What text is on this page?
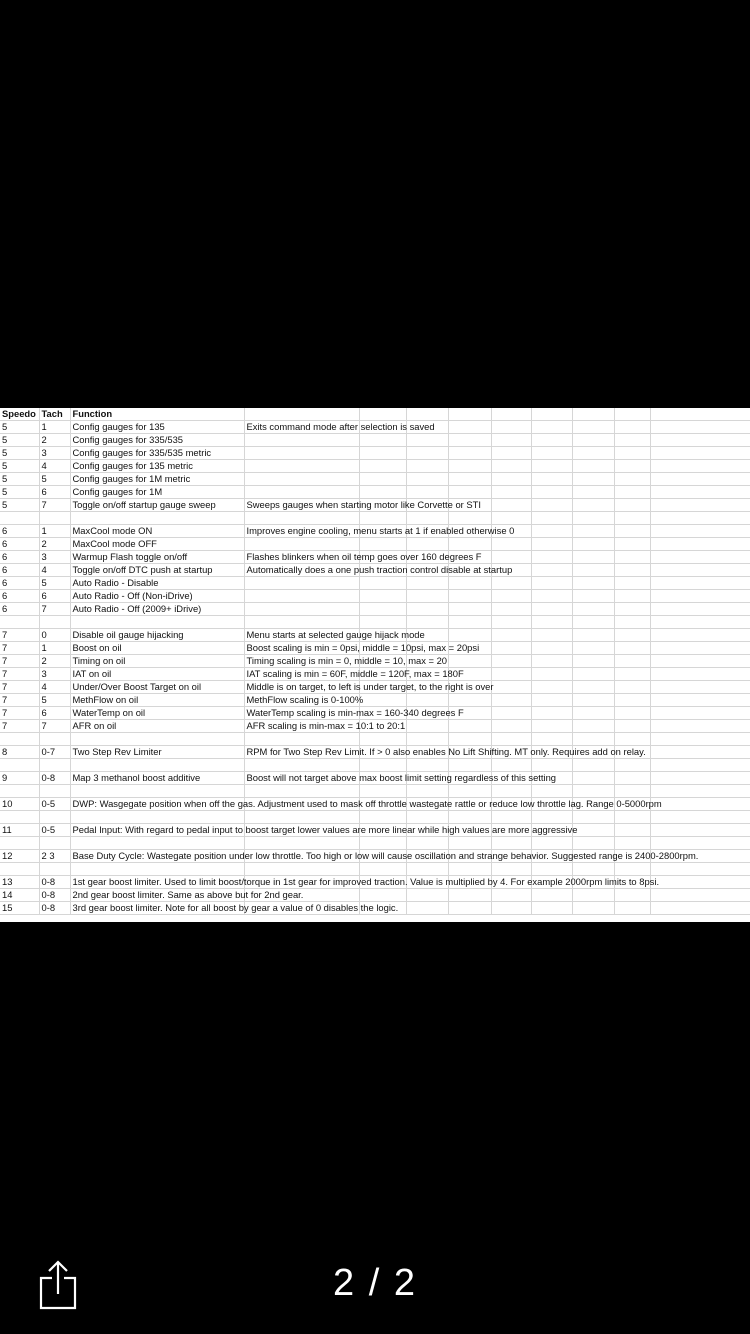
Speedo	Tach	Function									
5	1	Config gauges for 135	Exits command mode after selection is saved								
5	2	Config gauges for 335/535									
5	3	Config gauges for 335/535 metric									
5	4	Config gauges for 135 metric									
5	5	Config gauges for 1M metric									
5	6	Config gauges for 1M									
5	7	Toggle on/off startup gauge sweep	Sweeps gauges when starting motor like Corvette or STI								

6	1	MaxCool mode ON	Improves engine cooling, menu starts at 1 if enabled otherwise 0								
6	2	MaxCool mode OFF									
6	3	Warmup Flash toggle on/off	Flashes blinkers when oil temp goes over 160 degrees F								
6	4	Toggle on/off DTC push at startup	Automatically does a one push traction control disable at startup								
6	5	Auto Radio - Disable									
6	6	Auto Radio - Off (Non-iDrive)									
6	7	Auto Radio - Off (2009+ iDrive)									

7	0	Disable oil gauge hijacking	Menu starts at selected gauge hijack mode								
7	1	Boost on oil	Boost scaling is min = 0psi, middle = 10psi, max = 20psi								
7	2	Timing on oil	Timing scaling is min = 0, middle = 10, max = 20								
7	3	IAT on oil	IAT scaling is min = 60F, middle = 120F, max = 180F								
7	4	Under/Over Boost Target on oil	Middle is on target, to left is under target, to the right is over								
7	5	MethFlow on oil	MethFlow scaling is 0-100%								
7	6	WaterTemp on oil	WaterTemp scaling is min-max = 160-340 degrees F								
7	7	AFR on oil	AFR scaling is min-max = 10:1 to 20:1								

8	0-7	Two Step Rev Limiter	RPM for Two Step Rev Limit. If > 0 also enables No Lift Shifting. MT only. Requires add on relay.								

9	0-8	Map 3 methanol boost additive	Boost will not target above max boost limit setting regardless of this setting								

10	0-5	DWP: Wasgegate position when off the gas. Adjustment used to mask off throttle wastegate rattle or reduce low throttle lag. Range 0-5000rpm									

11	0-5	Pedal Input: With regard to pedal input to boost target lower values are more linear while high values are more aggressive									

12	2 3	Base Duty Cycle: Wastegate position under low throttle. Too high or low will cause oscillation and strange behavior. Suggested range is 2400-2800rpm.									

13	0-8	1st gear boost limiter. Used to limit boost/torque in 1st gear for improved traction. Value is multiplied by 4. For example 2000rpm limits to 8psi.									
14	0-8	2nd gear boost limiter. Same as above but for 2nd gear.									
15	0-8	3rd gear boost limiter. Note for all boost by gear a value of 0 disables the logic.									
2 / 2
